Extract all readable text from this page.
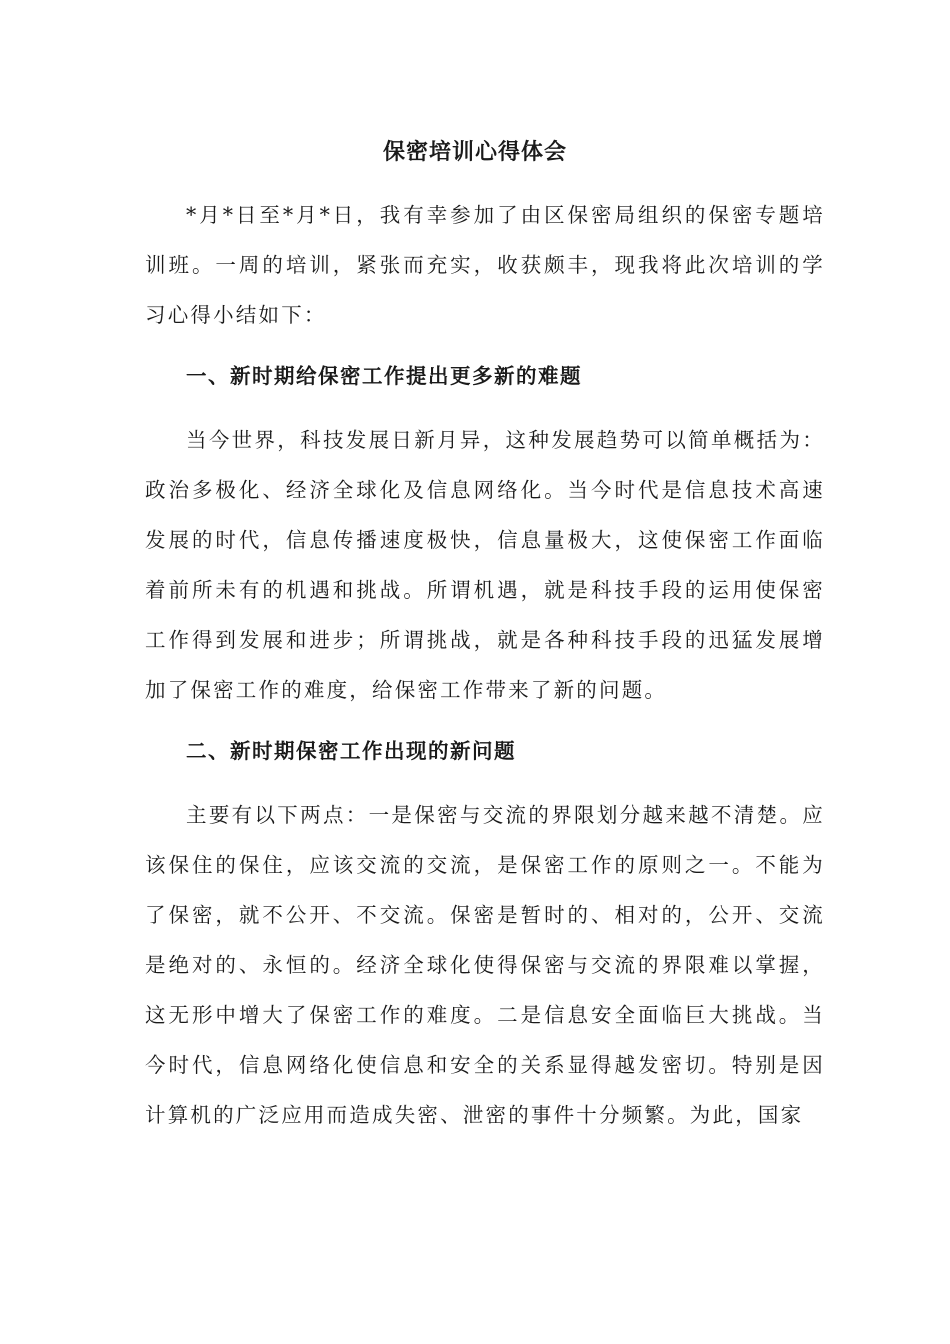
保密培训心得体会

*月*日至*月*日，我有幸参加了由区保密局组织的保密专题培训班。一周的培训，紧张而充实，收获颇丰，现我将此次培训的学习心得小结如下：

一、新时期给保密工作提出更多新的难题

当今世界，科技发展日新月异，这种发展趋势可以简单概括为：政治多极化、经济全球化及信息网络化。当今时代是信息技术高速发展的时代，信息传播速度极快，信息量极大，这使保密工作面临着前所未有的机遇和挑战。所谓机遇，就是科技手段的运用使保密工作得到发展和进步；所谓挑战，就是各种科技手段的迅猛发展增加了保密工作的难度，给保密工作带来了新的问题。

二、新时期保密工作出现的新问题

主要有以下两点：一是保密与交流的界限划分越来越不清楚。应该保住的保住，应该交流的交流，是保密工作的原则之一。不能为了保密，就不公开、不交流。保密是暂时的、相对的，公开、交流是绝对的、永恒的。经济全球化使得保密与交流的界限难以掌握，这无形中增大了保密工作的难度。二是信息安全面临巨大挑战。当今时代，信息网络化使信息和安全的关系显得越发密切。特别是因计算机的广泛应用而造成失密、泄密的事件十分频繁。为此，国家
